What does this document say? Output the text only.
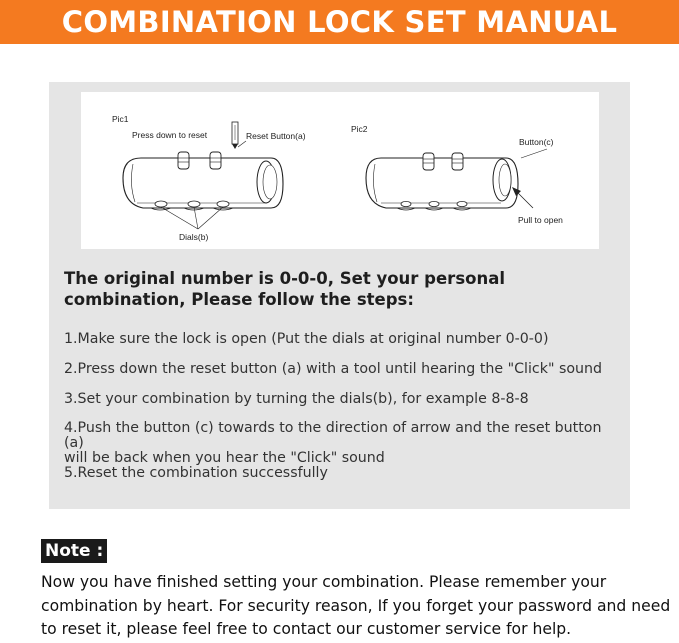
COMBINATION LOCK SET MANUAL
Pic1
Press down to reset	Reset Button(a)
Dials(b)
Pic2
Button(c)
Pull to open

The original number is 0-0-0, Set your personal combination, Please follow the steps:

1.Make sure the lock is open (Put the dials at original number 0-0-0)
2.Press down the reset button (a) with a tool until hearing the "Click" sound
3.Set your combination by turning the dials(b), for example 8-8-8
4.Push the button (c) towards to the direction of arrow and the reset button (a)
will be back when you hear the "Click" sound
5.Reset the combination successfully
Note :

Now you have finished setting your combination. Please remember your combination by heart. For security reason, If you forget your password and need to reset it, please feel free to contact our customer service for help.
